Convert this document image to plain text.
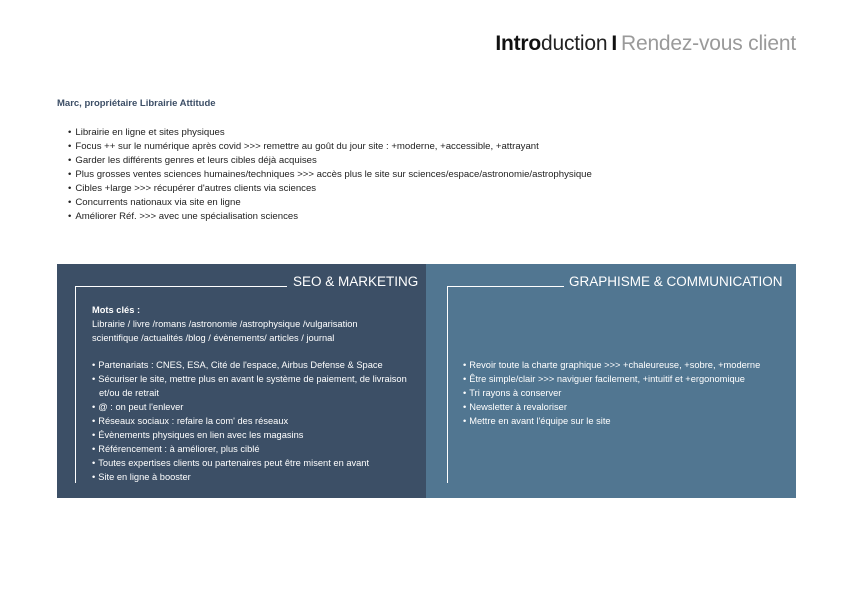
Introduction I Rendez-vous client
Marc, propriétaire Librairie Attitude
• Librairie en ligne et sites physiques
• Focus ++ sur le numérique après covid >>> remettre au goût du jour site : +moderne, +accessible, +attrayant
• Garder les différents genres et leurs cibles déjà acquises
• Plus grosses ventes sciences humaines/techniques >>> accès plus le site sur sciences/espace/astronomie/astrophysique
• Cibles +large >>> récupérer d'autres clients via sciences
• Concurrents nationaux via site en ligne
• Améliorer Réf. >>> avec une spécialisation sciences
SEO & MARKETING
Mots clés :
Librairie / livre /romans /astronomie /astrophysique /vulgarisation
scientifique /actualités /blog / évènements/ articles / journal
• Partenariats : CNES, ESA, Cité de l'espace, Airbus Defense & Space
• Sécuriser le site, mettre plus en avant le système de paiement, de livraison et/ou de retrait
• @ : on peut l'enlever
• Réseaux sociaux : refaire la com' des réseaux
• Évènements physiques en lien avec les magasins
• Référencement : à améliorer, plus ciblé
• Toutes expertises clients ou partenaires peut être misent en avant
• Site en ligne à booster
GRAPHISME & COMMUNICATION
• Revoir toute la charte graphique >>> +chaleureuse, +sobre, +moderne
• Être simple/clair >>> naviguer facilement, +intuitif et +ergonomique
• Tri rayons à conserver
• Newsletter à revaloriser
• Mettre en avant l'équipe sur le site
